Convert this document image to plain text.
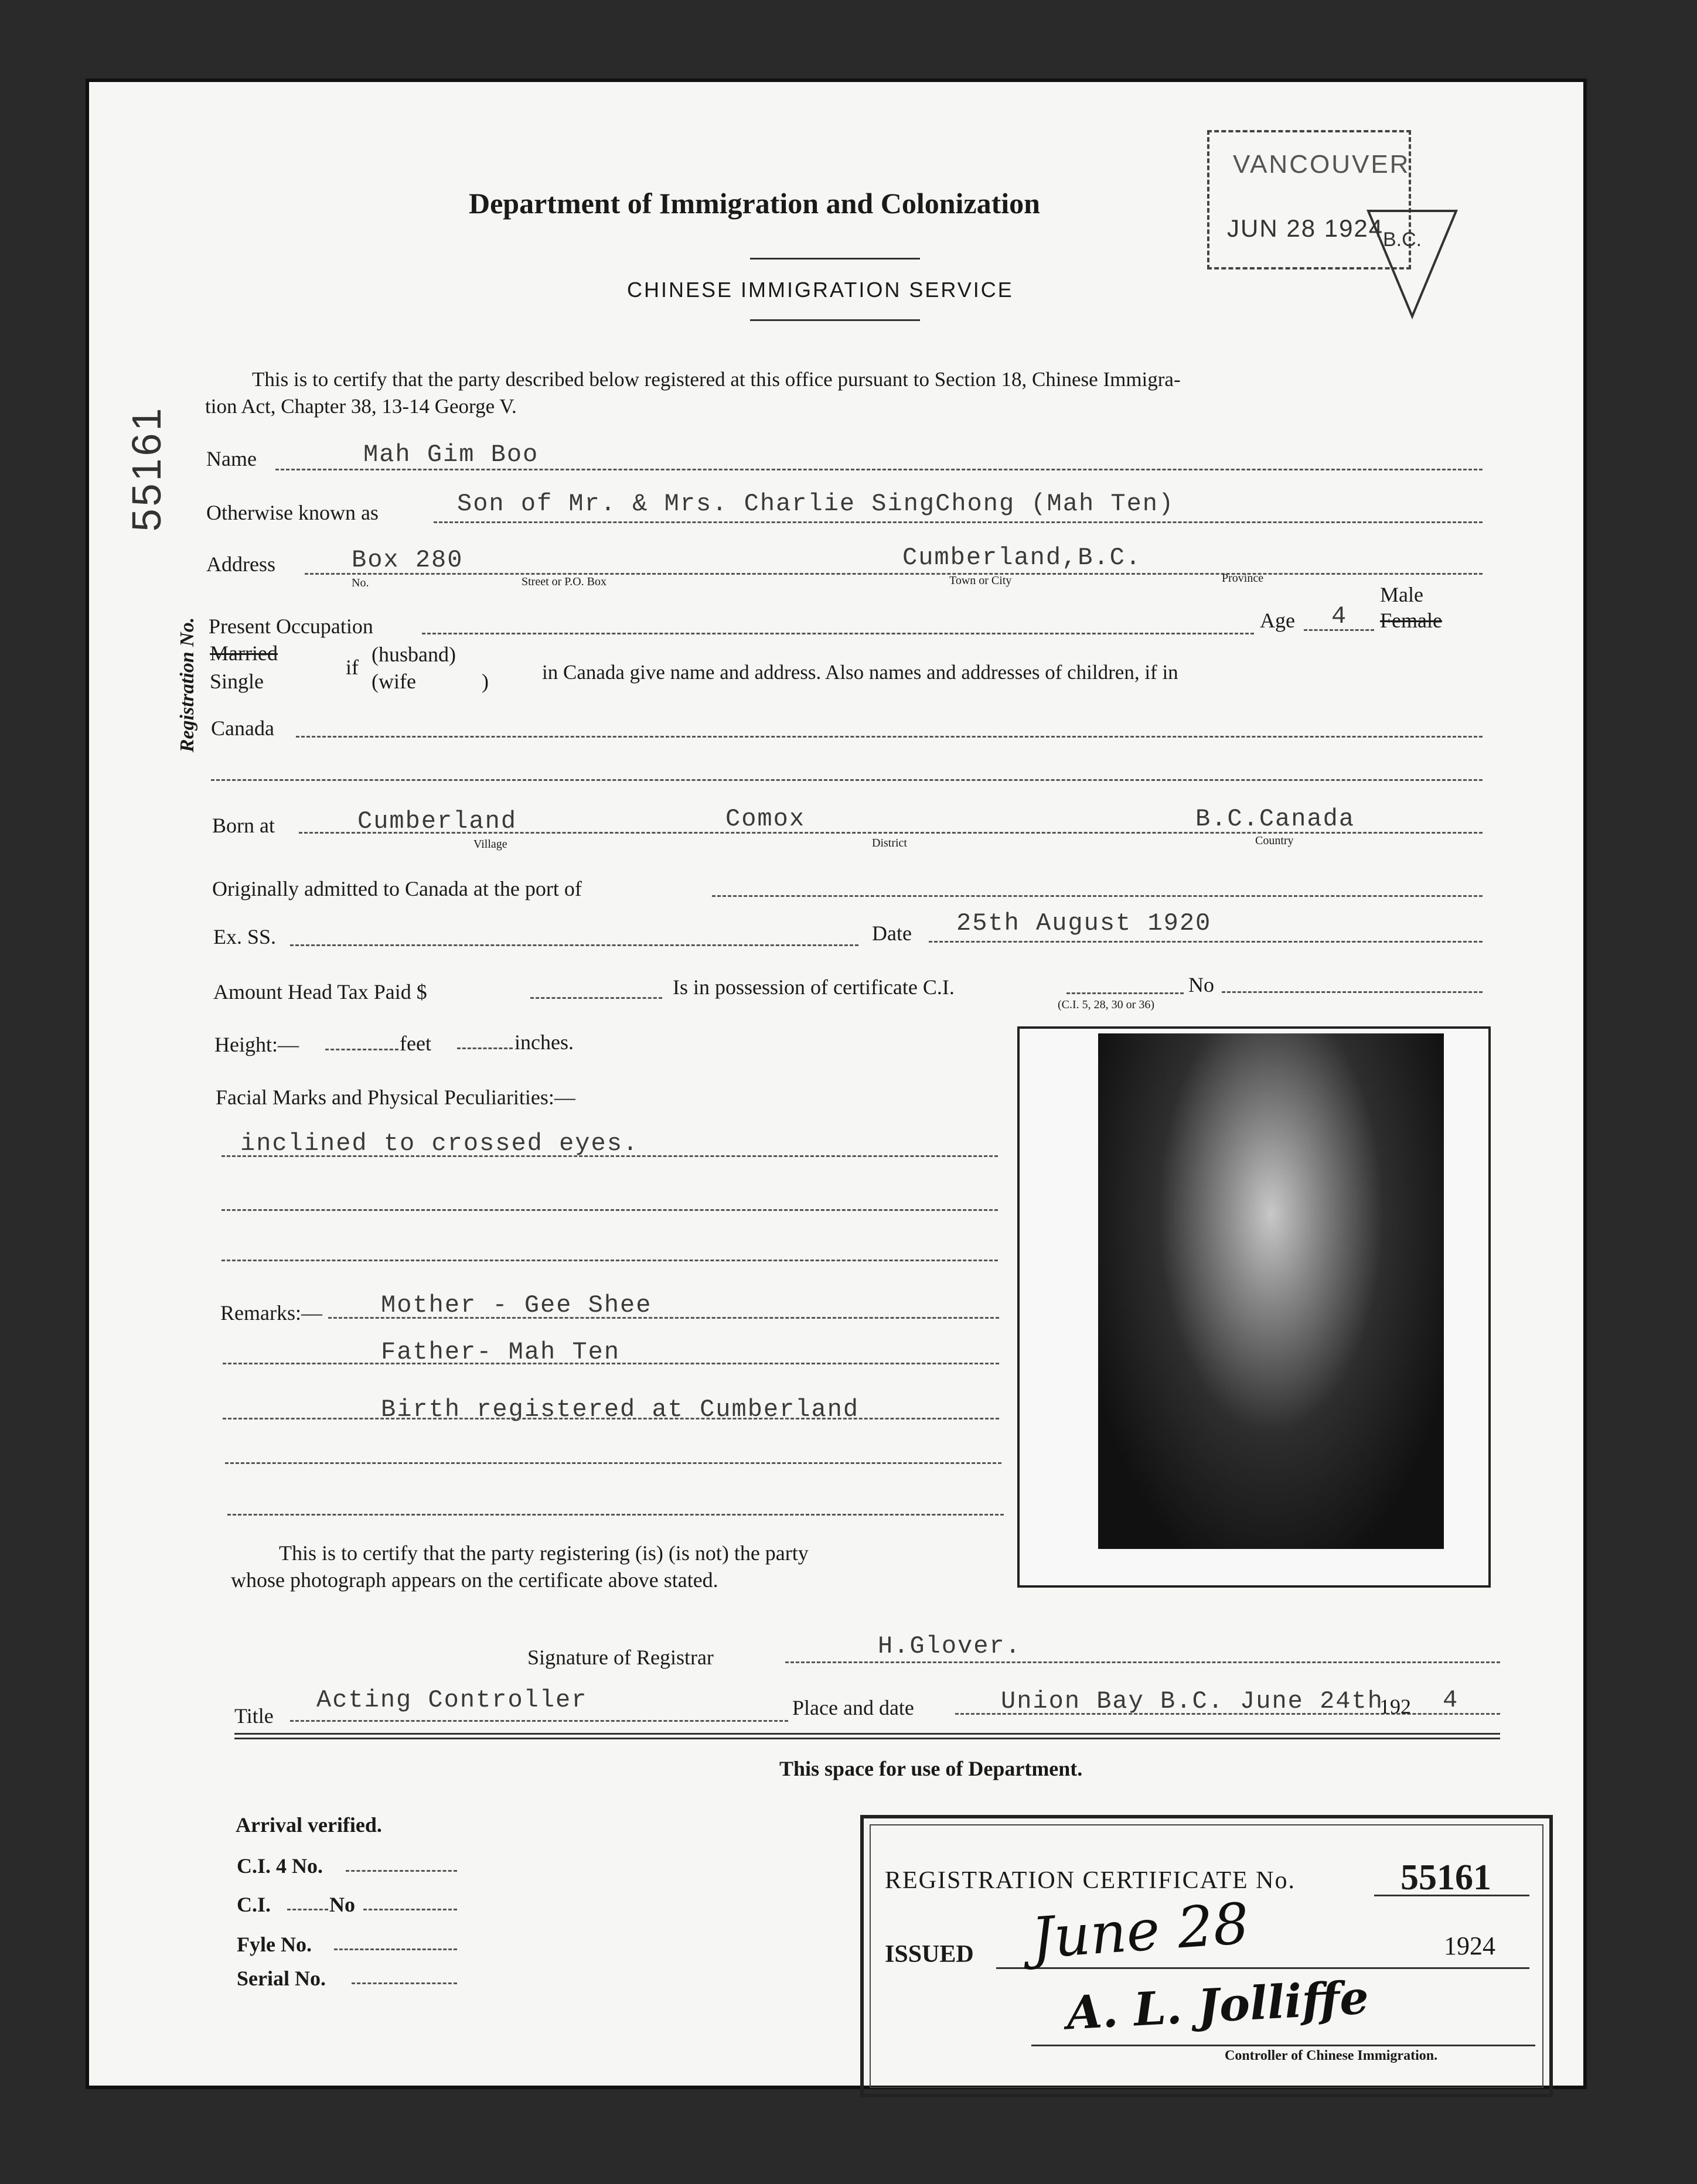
Department of Immigration and Colonization
CHINESE IMMIGRATION SERVICE
VANCOUVER
JUN 28 1924
B.C.
55161
Registration No.
This is to certify that the party described below registered at this office pursuant to Section 18, Chinese Immigra-
tion Act, Chapter 38, 13-14 George V.
Name	Mah Gim Boo
Otherwise known as	Son of Mr. & Mrs. Charlie SingChong (Mah Ten)
Address	Box 280	Cumberland,B.C.
No.	Street or P.O. Box	Town or City	Province
Present Occupation	Age 4
Male
Female
Married
Single
if
(husband)
(wife	)	in Canada give name and address. Also names and addresses of children, if in
Canada
Born at	Cumberland	Comox	B.C.Canada
Village	District	Country
Originally admitted to Canada at the port of
Ex. SS.	Date 25th August 1920
Amount Head Tax Paid $	Is in possession of certificate C.I.	No
(C.I. 5, 28, 30 or 36)
Height:—	feet	inches.
Facial Marks and Physical Peculiarities:—
inclined to crossed eyes.
Remarks:— Mother - Gee Shee
Father- Mah Ten
Birth registered at Cumberland
This is to certify that the party registering (is) (is not) the party
whose photograph appears on the certificate above stated.
Signature of Registrar	H.Glover.
Title
Acting Controller	Place and date	Union Bay B.C. June 24th
192 4
This space for use of Department.
Arrival verified.
C.I. 4 No.
C.I.	No
Fyle No.
Serial No.
REGISTRATION CERTIFICATE No.	55161
ISSUED June 28	1924
A. L. Jolliffe
Controller of Chinese Immigration.
